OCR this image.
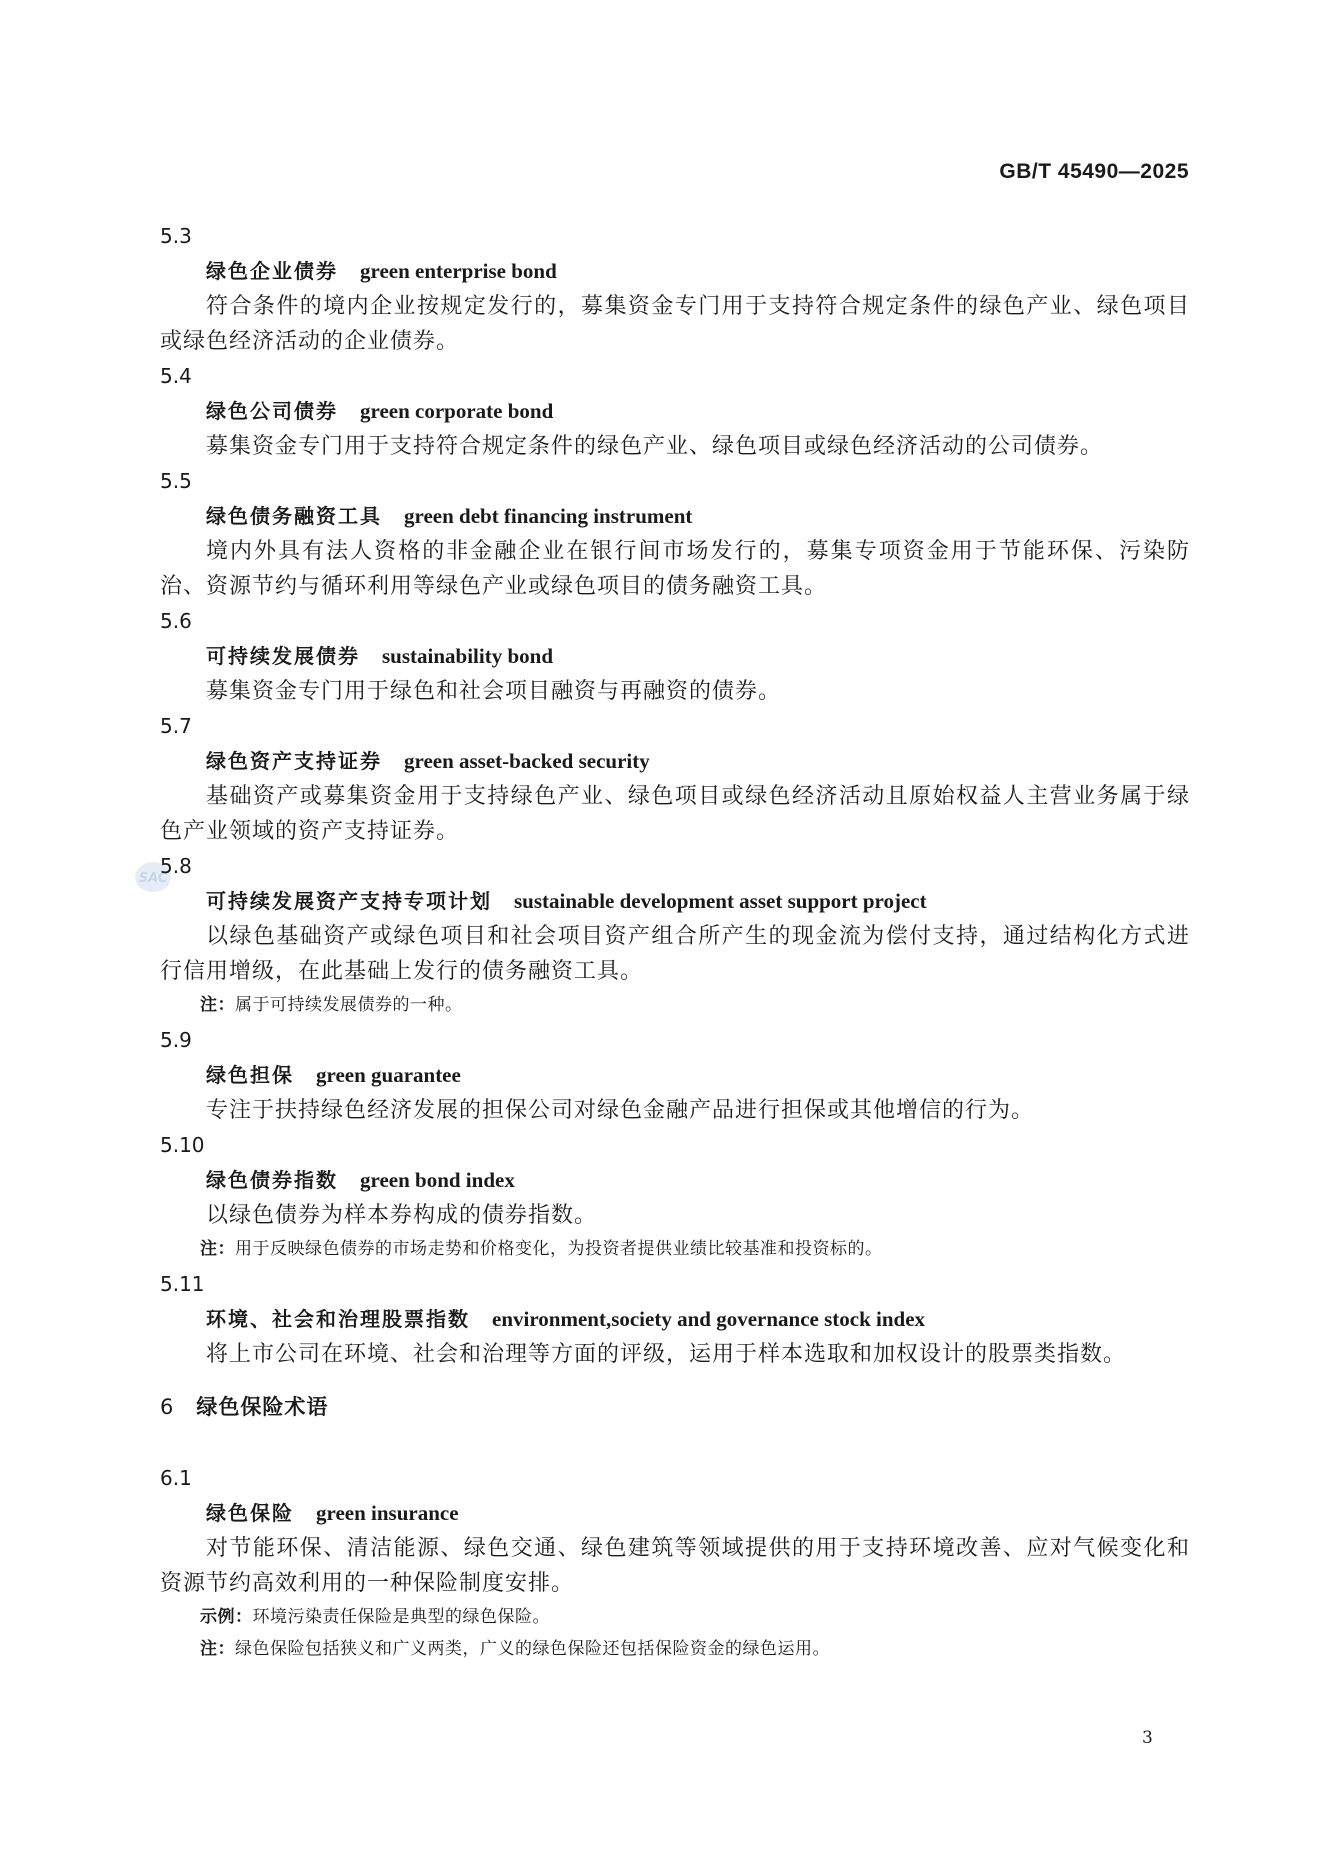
GB/T 45490—2025
SAC
5.3
绿色企业债券 green enterprise bond

符合条件的境内企业按规定发行的，募集资金专门用于支持符合规定条件的绿色产业、绿色项目或绿色经济活动的企业债券。

5.4
绿色公司债券 green corporate bond

募集资金专门用于支持符合规定条件的绿色产业、绿色项目或绿色经济活动的公司债券。

5.5
绿色债务融资工具 green debt financing instrument

境内外具有法人资格的非金融企业在银行间市场发行的，募集专项资金用于节能环保、污染防治、资源节约与循环利用等绿色产业或绿色项目的债务融资工具。

5.6
可持续发展债券 sustainability bond

募集资金专门用于绿色和社会项目融资与再融资的债券。

5.7
绿色资产支持证券 green asset-backed security

基础资产或募集资金用于支持绿色产业、绿色项目或绿色经济活动且原始权益人主营业务属于绿色产业领域的资产支持证券。

5.8
可持续发展资产支持专项计划 sustainable development asset support project

以绿色基础资产或绿色项目和社会项目资产组合所产生的现金流为偿付支持，通过结构化方式进行信用增级，在此基础上发行的债务融资工具。

注：属于可持续发展债券的一种。
5.9
绿色担保 green guarantee

专注于扶持绿色经济发展的担保公司对绿色金融产品进行担保或其他增信的行为。

5.10
绿色债券指数 green bond index

以绿色债券为样本券构成的债券指数。

注：用于反映绿色债券的市场走势和价格变化，为投资者提供业绩比较基准和投资标的。
5.11
环境、社会和治理股票指数 environment,society and governance stock index

将上市公司在环境、社会和治理等方面的评级，运用于样本选取和加权设计的股票类指数。

6 绿色保险术语
6.1
绿色保险 green insurance

对节能环保、清洁能源、绿色交通、绿色建筑等领域提供的用于支持环境改善、应对气候变化和资源节约高效利用的一种保险制度安排。

示例：环境污染责任保险是典型的绿色保险。
注：绿色保险包括狭义和广义两类，广义的绿色保险还包括保险资金的绿色运用。
3
